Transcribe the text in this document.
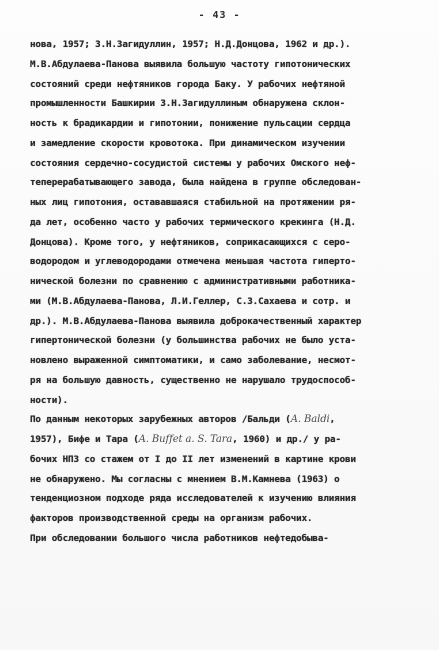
- 43 -
нова, 1957; З.Н.Загидуллин, 1957; Н.Д.Донцова, 1962 и др.).
М.В.Абдулаева-Панова выявила большую частоту гипотонических
состояний среди нефтяников города Баку. У рабочих нефтяной
промышленности Башкирии З.Н.Загидуллиным обнаружена склон-
ность к брадикардии и гипотонии, понижение пульсации сердца
и замедление скорости кровотока. При динамическом изучении
состояния сердечно-сосудистой системы у рабочих Омского неф-
теперерабатывающего завода, была найдена в группе обследован-
ных лиц гипотония, остававшаяся стабильной на протяжении ря-
да лет, особенно часто у рабочих термического крекинга (Н.Д.
Донцова). Кроме того, у нефтяников, соприкасающихся с серо-
водородом и углеводородами отмечена меньшая частота гиперто-
нической болезни по сравнению с административными работника-
ми (М.В.Абдулаева-Панова, Л.И.Геллер, С.З.Сахаева и сотр. и
др.). М.В.Абдулаева-Панова выявила доброкачественный характер
гипертонической болезни (у большинства рабочих не было уста-
новлено выраженной симптоматики, и само заболевание, несмот-
ря на большую давность, существенно не нарушало трудоспособ-
ности).
По данным некоторых зарубежных авторов /Бальди (A. Baldi,
1957), Бифе и Тара (A. Buffet a. S. Tara, 1960) и др./ у ра-
бочих НПЗ со стажем от I до II лет изменений в картине крови
не обнаружено. Мы согласны с мнением В.М.Камнева (1963) о
тенденциозном подходе ряда исследователей к изучению влияния
факторов производственной среды на организм рабочих.
При обследовании большого числа работников нефтедобыва-
